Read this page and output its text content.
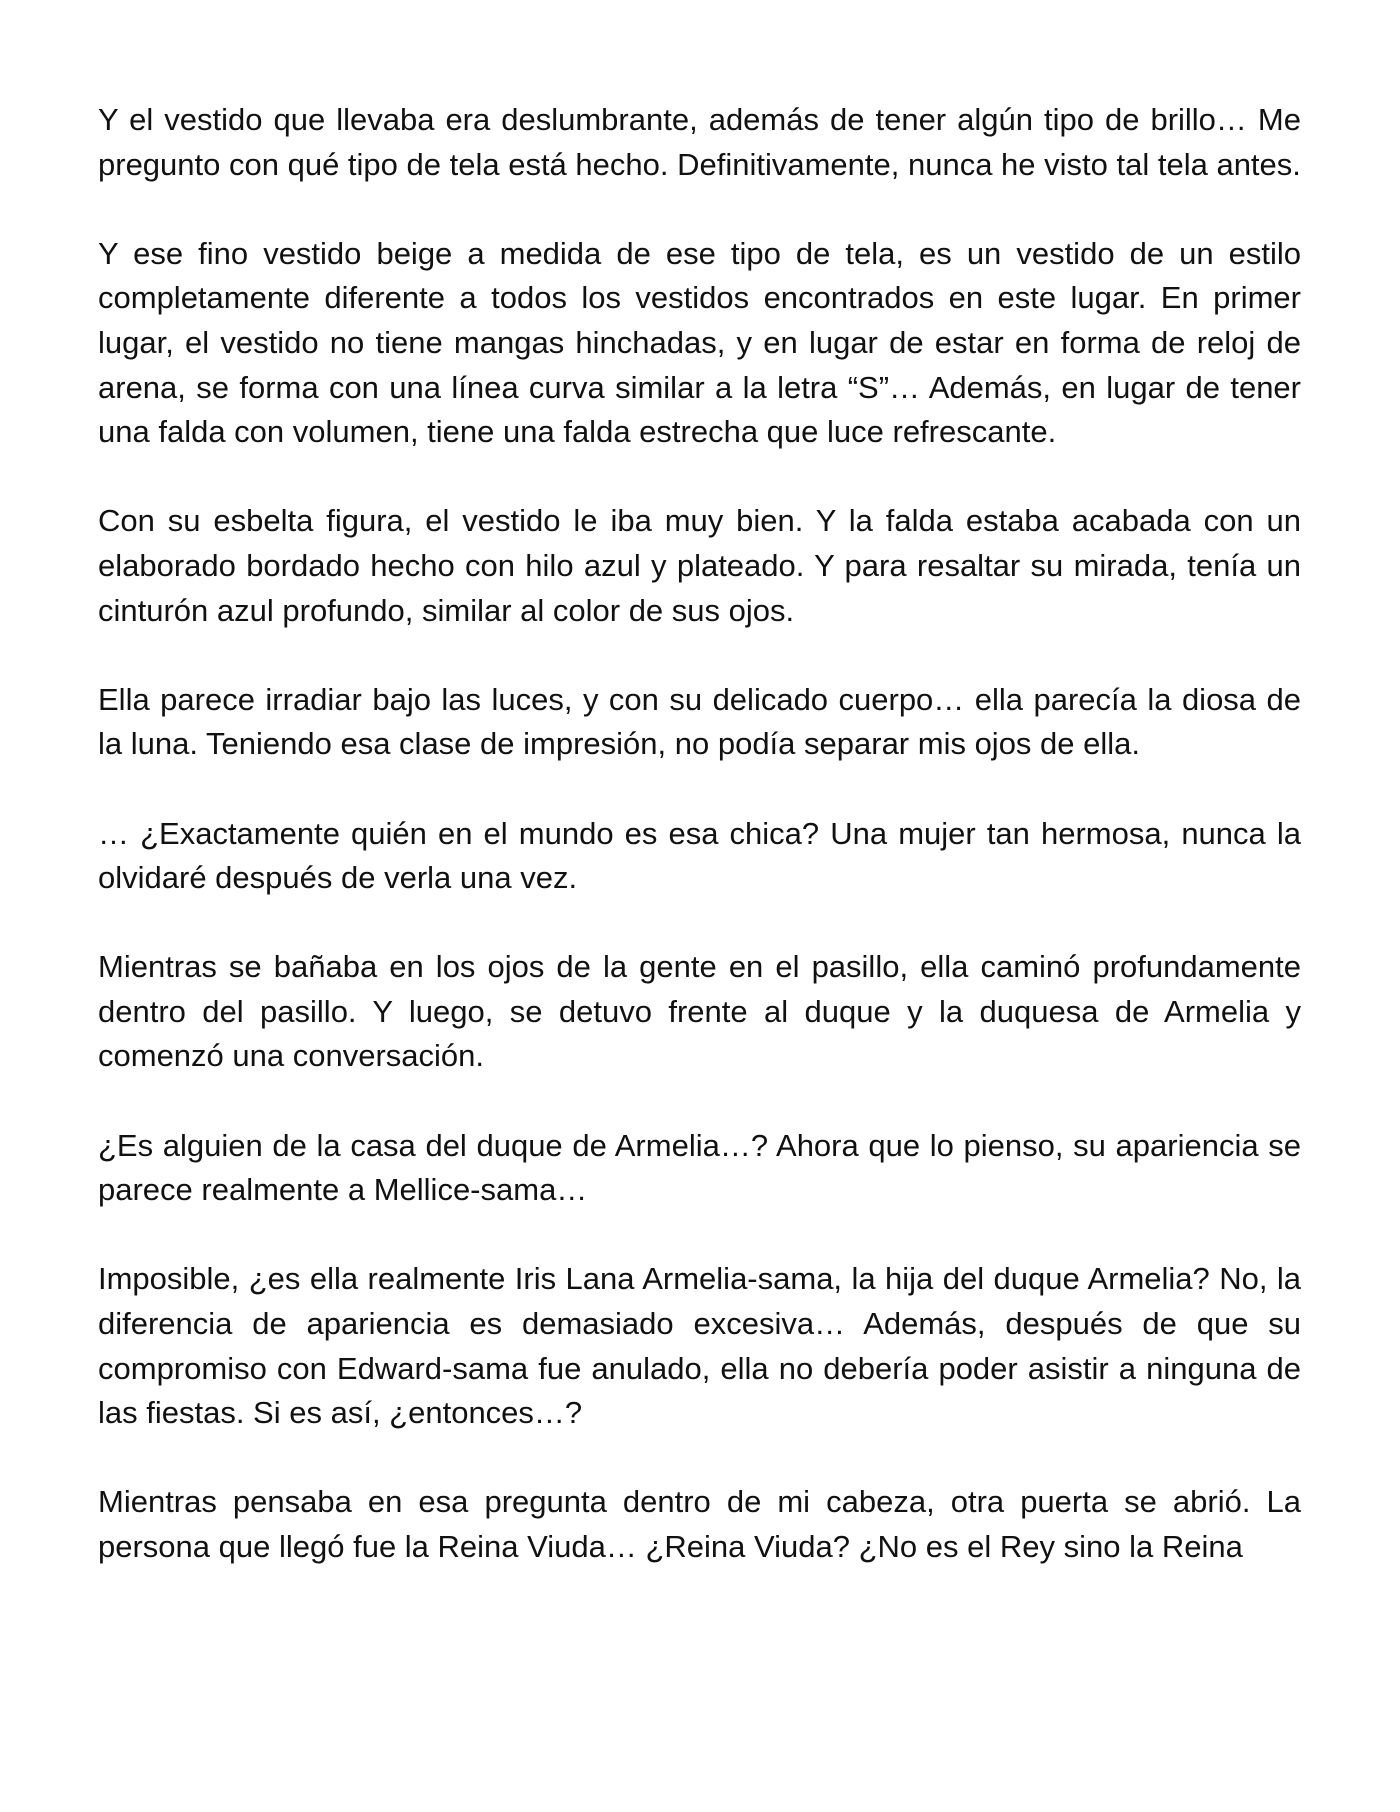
Y el vestido que llevaba era deslumbrante, además de tener algún tipo de brillo… Me pregunto con qué tipo de tela está hecho. Definitivamente, nunca he visto tal tela antes.

Y ese fino vestido beige a medida de ese tipo de tela, es un vestido de un estilo completamente diferente a todos los vestidos encontrados en este lugar. En primer lugar, el vestido no tiene mangas hinchadas, y en lugar de estar en forma de reloj de arena, se forma con una línea curva similar a la letra “S”… Además, en lugar de tener una falda con volumen, tiene una falda estrecha que luce refrescante.

Con su esbelta figura, el vestido le iba muy bien. Y la falda estaba acabada con un elaborado bordado hecho con hilo azul y plateado. Y para resaltar su mirada, tenía un cinturón azul profundo, similar al color de sus ojos.

Ella parece irradiar bajo las luces, y con su delicado cuerpo… ella parecía la diosa de la luna. Teniendo esa clase de impresión, no podía separar mis ojos de ella.

… ¿Exactamente quién en el mundo es esa chica? Una mujer tan hermosa, nunca la olvidaré después de verla una vez.

Mientras se bañaba en los ojos de la gente en el pasillo, ella caminó profundamente dentro del pasillo. Y luego, se detuvo frente al duque y la duquesa de Armelia y comenzó una conversación.

¿Es alguien de la casa del duque de Armelia…? Ahora que lo pienso, su apariencia se parece realmente a Mellice-sama…

Imposible, ¿es ella realmente Iris Lana Armelia-sama, la hija del duque Armelia? No, la diferencia de apariencia es demasiado excesiva… Además, después de que su compromiso con Edward-sama fue anulado, ella no debería poder asistir a ninguna de las fiestas. Si es así, ¿entonces…?

Mientras pensaba en esa pregunta dentro de mi cabeza, otra puerta se abrió. La persona que llegó fue la Reina Viuda… ¿Reina Viuda? ¿No es el Rey sino la Reina
